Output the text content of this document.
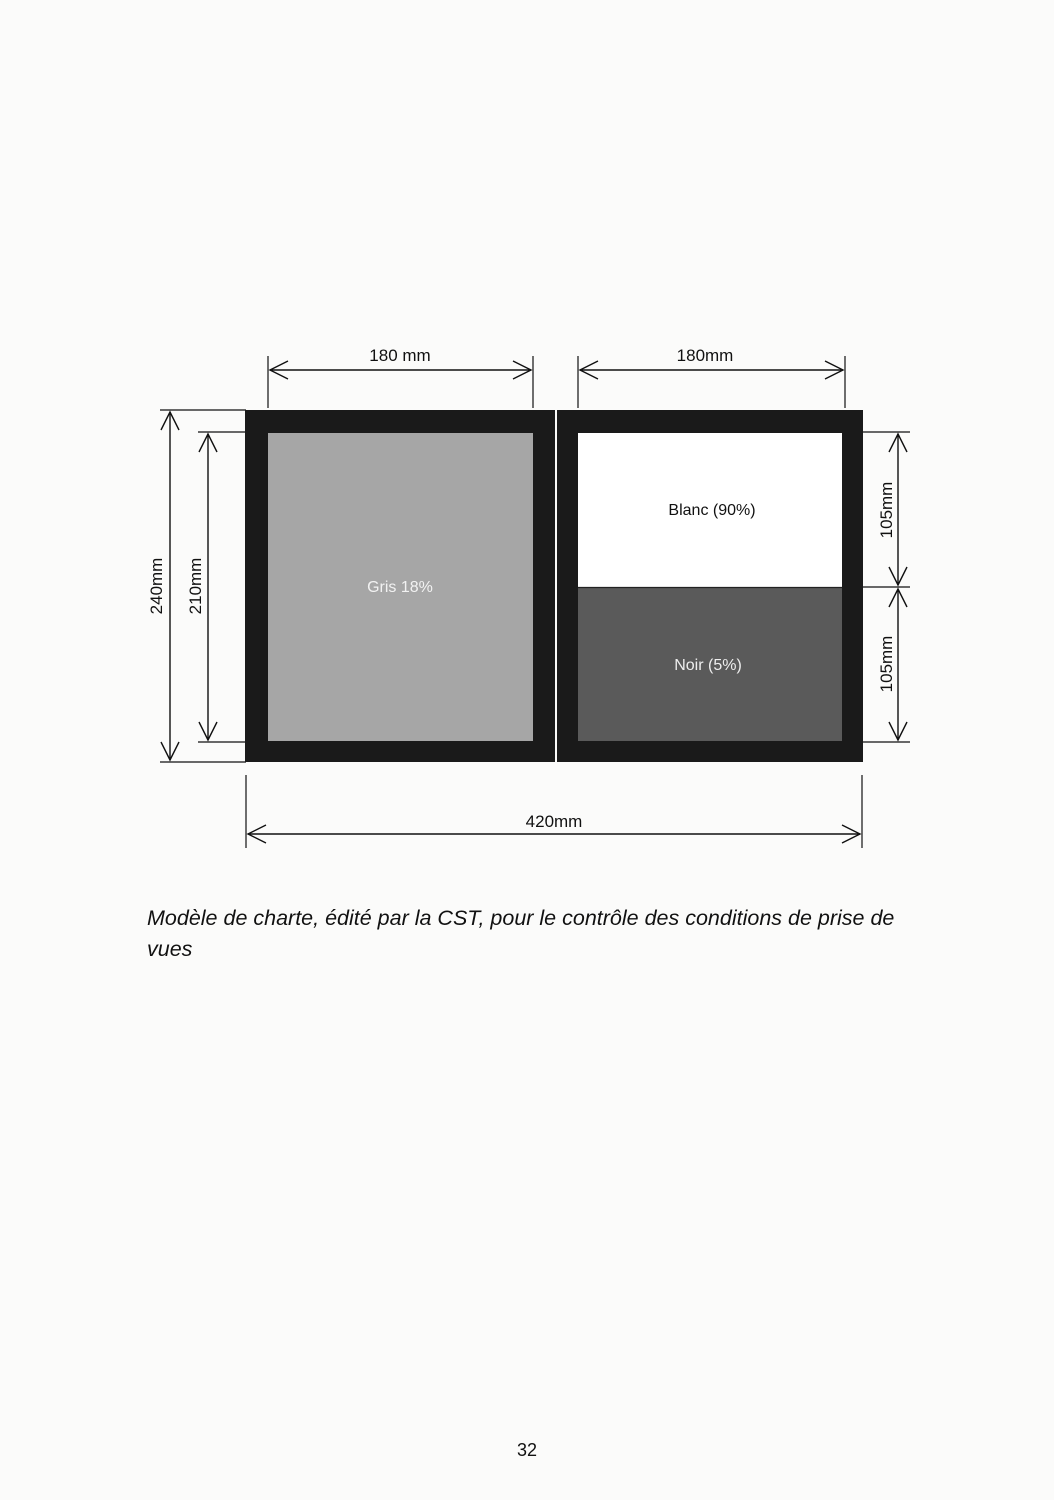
Gris 18%
Blanc (90%)
Noir (5%)
180 mm	180mm
240mm 210mm
105mm
105mm
420mm
Modèle de charte, édité par la CST, pour le contrôle des conditions de prise de vues
32
